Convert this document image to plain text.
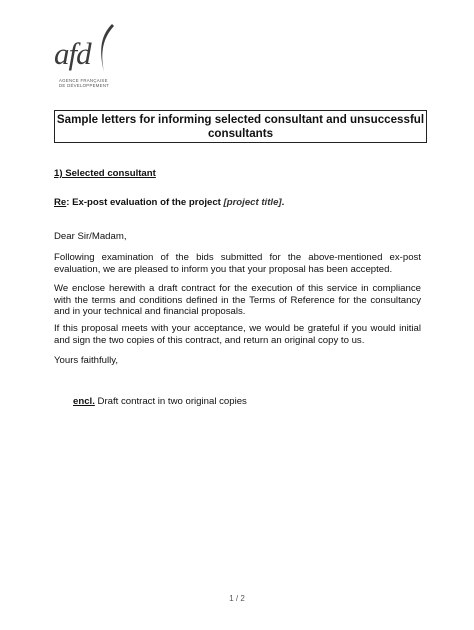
afd
AGENCE FRANÇAISE
DE DÉVELOPPEMENT
Sample letters for informing selected consultant and unsuccessful consultants
1) Selected consultant
Re: Ex-post evaluation of the project [project title].
Dear Sir/Madam,
Following examination of the bids submitted for the above-mentioned ex-post evaluation, we are pleased to inform you that your proposal has been accepted.
We enclose herewith a draft contract for the execution of this service in compliance with the terms and conditions defined in the Terms of Reference for the consultancy and in your technical and financial proposals.
If this proposal meets with your acceptance, we would be grateful if you would initial and sign the two copies of this contract, and return an original copy to us.
Yours faithfully,
encl. Draft contract in two original copies
1 / 2
